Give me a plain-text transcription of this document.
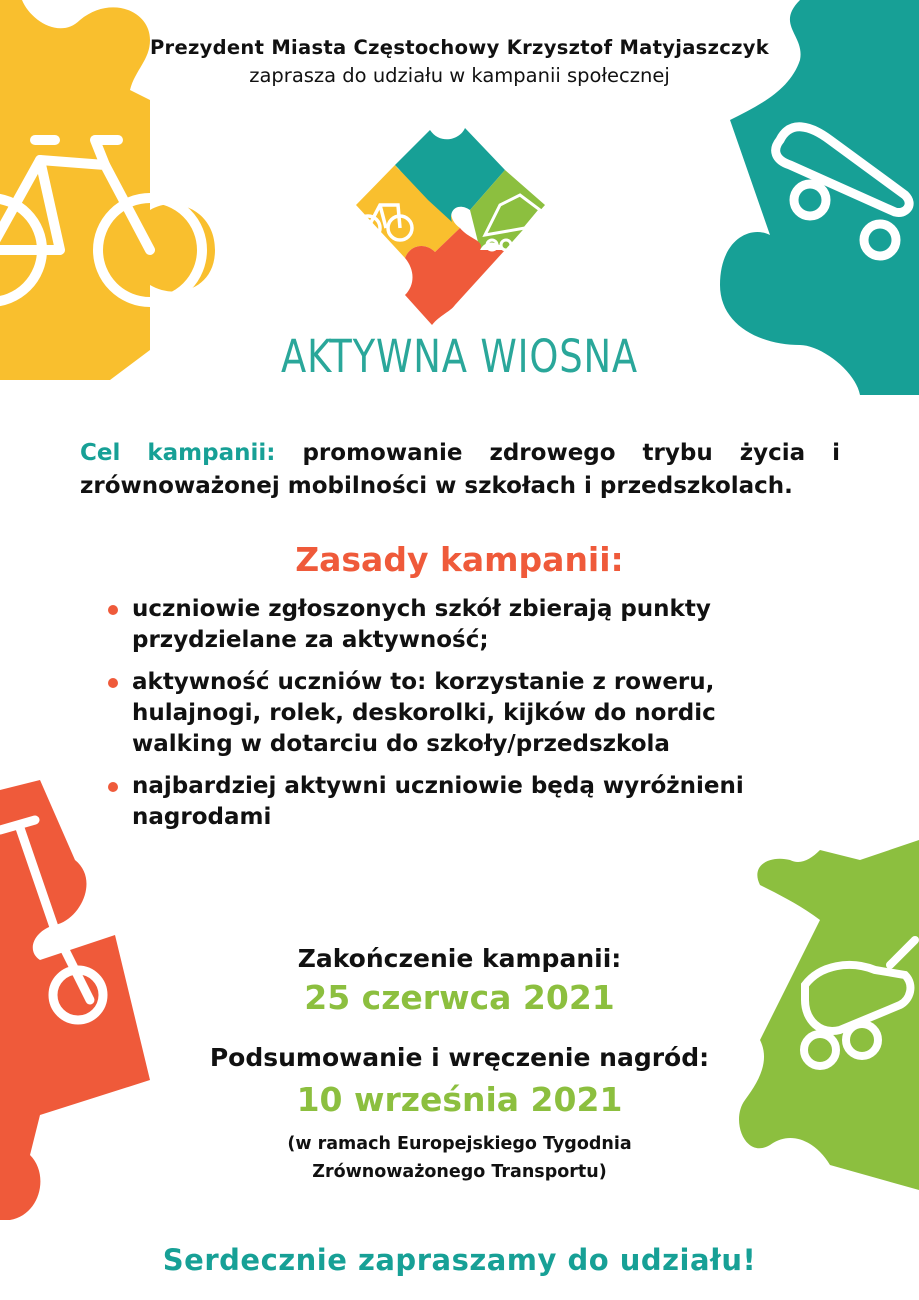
Prezydent Miasta Częstochowy Krzysztof Matyjaszczyk
zaprasza do udziału w kampanii społecznej
AKTYWNA WIOSNA
Cel kampanii: promowanie zdrowego trybu życia i zrównoważonej mobilności w szkołach i przedszkolach.
Zasady kampanii:
uczniowie zgłoszonych szkół zbierają punkty przydzielane za aktywność;
aktywność uczniów to: korzystanie z roweru, hulajnogi, rolek, deskorolki, kijków do nordic walking w dotarciu do szkoły/przedszkola
najbardziej aktywni uczniowie będą wyróżnieni nagrodami
Zakończenie kampanii:
25 czerwca 2021
Podsumowanie i wręczenie nagród:
10 września 2021
(w ramach Europejskiego Tygodnia
Zrównoważonego Transportu)
Serdecznie zapraszamy do udziału!
